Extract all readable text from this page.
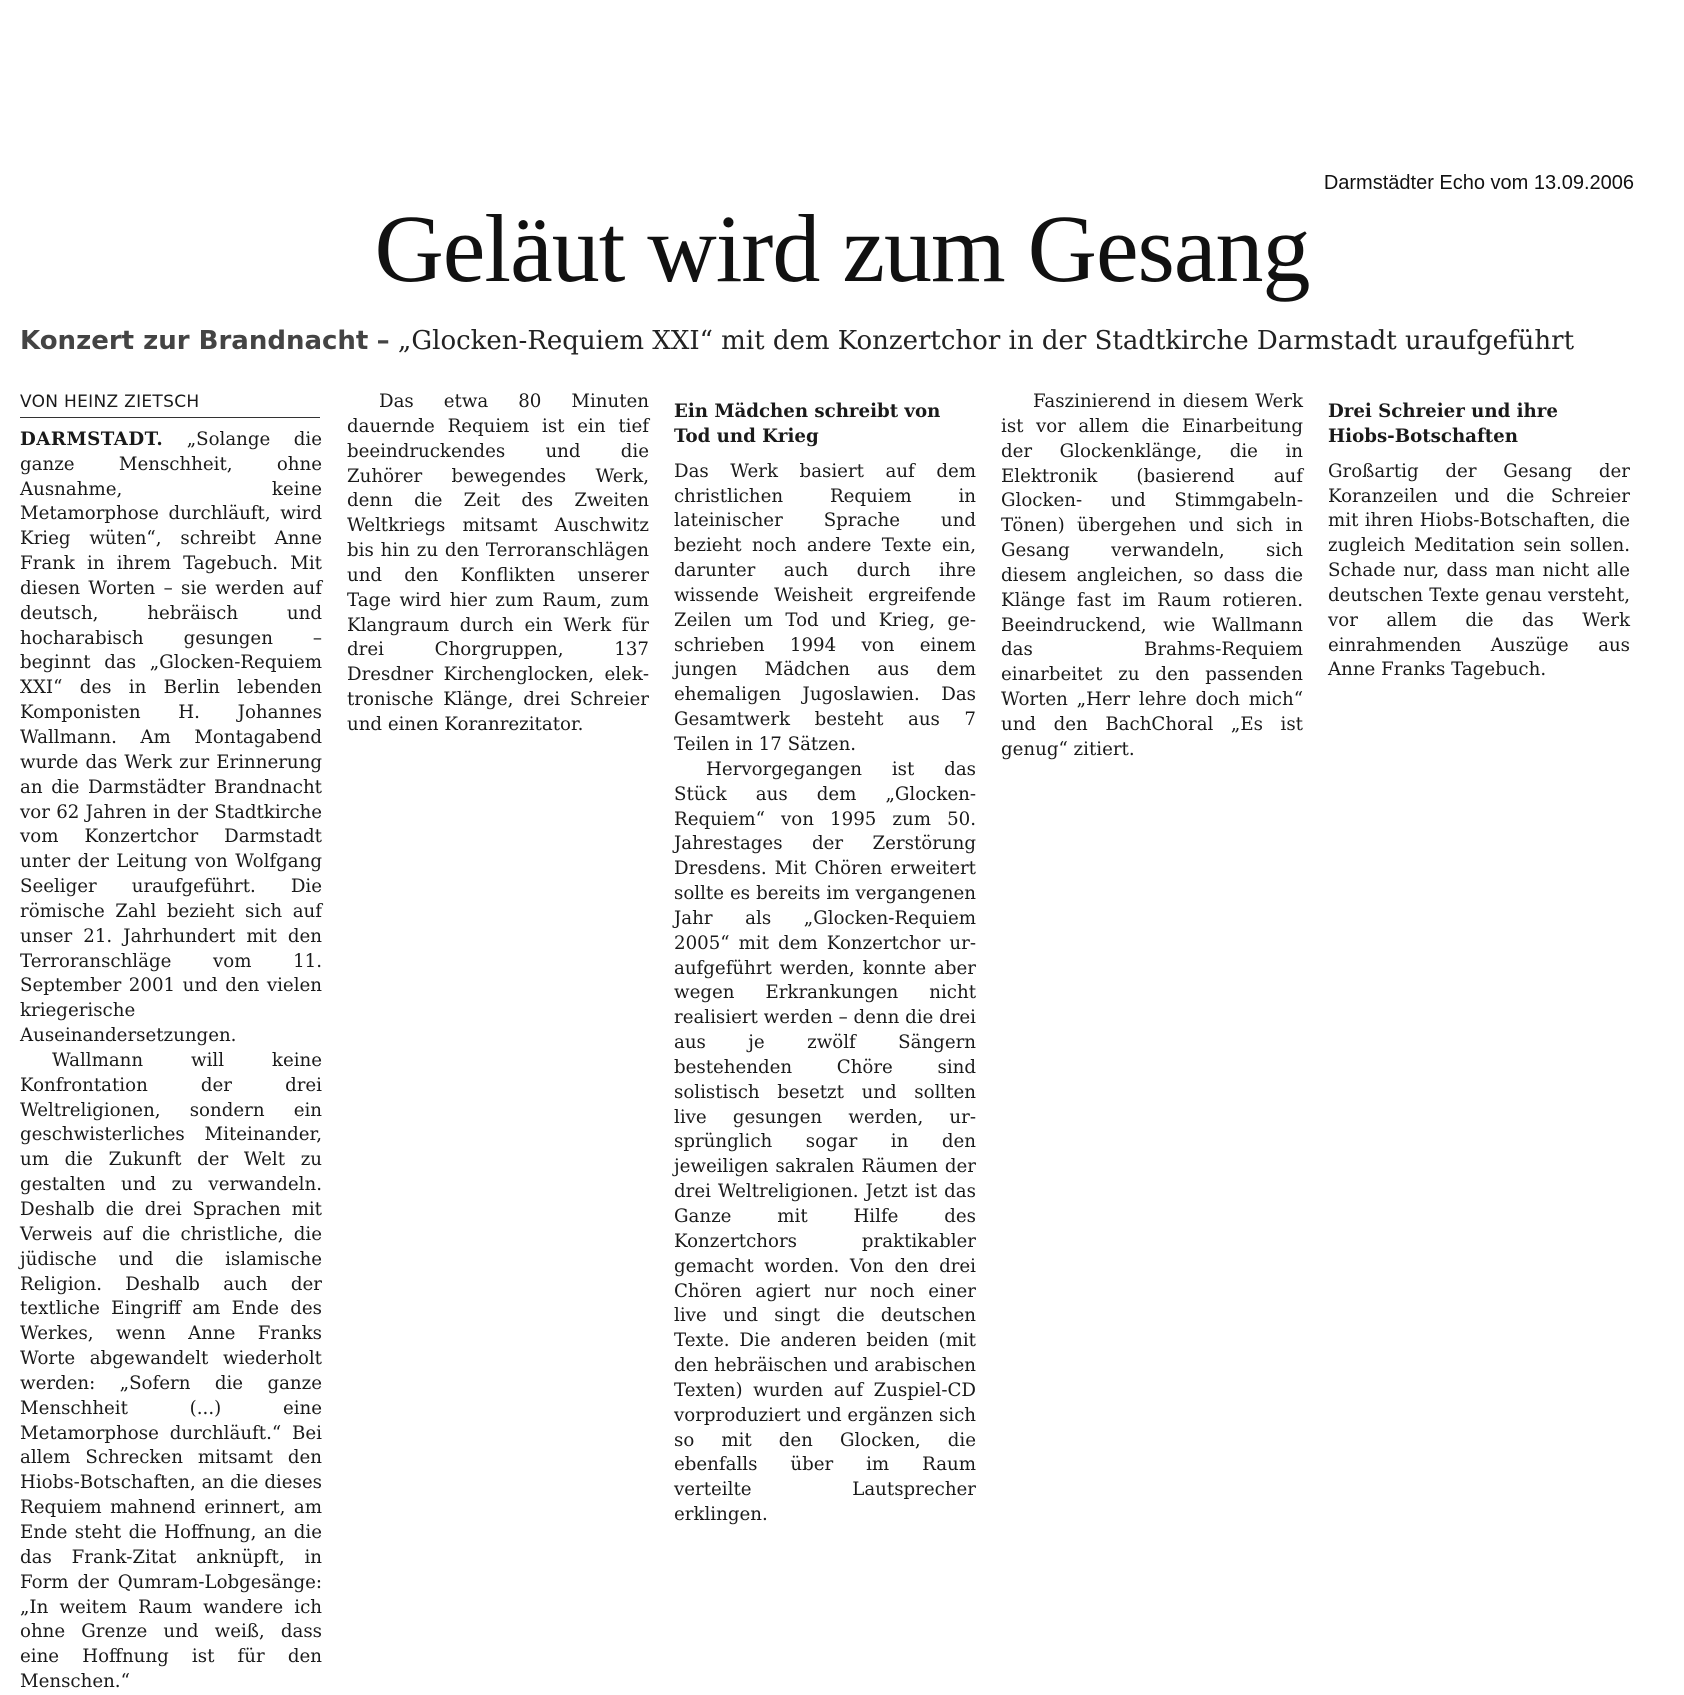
Darmstädter Echo vom 13.09.2006
Geläut wird zum Gesang
Konzert zur Brandnacht – „Glocken-Requiem XXI“ mit dem Konzertchor in der Stadtkirche Darmstadt uraufgeführt
VON HEINZ ZIETSCH

DARMSTADT. „Solange die ganze Menschheit, ohne Ausnahme, keine Metamorphose durchläuft, wird Krieg wüten“, schreibt Anne Frank in ihrem Tagebuch. Mit diesen Worten – sie werden auf deutsch, hebräisch und hocharabisch gesungen – beginnt das „Glocken-Requiem XXI“ des in Berlin lebenden Komponisten H. Johannes Wallmann. Am Montagabend wurde das Werk zur Erinnerung an die Darmstädter Brandnacht vor 62 Jahren in der Stadtkirche vom Konzertchor Darmstadt unter der Leitung von Wolfgang Seeliger uraufgeführt. Die römische Zahl bezieht sich auf unser 21. Jahrhundert mit den Terroranschläge vom 11. September 2001 und den vielen kriegerische Auseinandersetzungen.

Wallmann will keine Konfrontation der drei Weltreligionen, sondern ein geschwisterliches Miteinander, um die Zukunft der Welt zu gestalten und zu verwandeln. Deshalb die drei Sprachen mit Verweis auf die christliche, die jüdische und die islamische Religion. Deshalb auch der textliche Eingriff am Ende des Werkes, wenn Anne Franks Worte abgewandelt wiederholt werden: „Sofern die ganze Menschheit (...) eine Metamorphose durchläuft.“ Bei allem Schrecken mitsamt den Hiobs-Botschaften, an die dieses Requiem mahnend erinnert, am Ende steht die Hoffnung, an die das Frank-Zitat anknüpft, in Form der Qumram-Lobgesänge: „In weitem Raum wandere ich ohne Grenze und weiß, dass eine Hoffnung ist für den Menschen.“

Das etwa 80 Minuten dauernde Requiem ist ein tief beeindruckendes und die Zuhörer bewegendes Werk, denn die Zeit des Zweiten Weltkriegs mitsamt Auschwitz bis hin zu den Terroranschlägen und den Konflikten unserer Tage wird hier zum Raum, zum Klangraum durch ein Werk für drei Chorgruppen, 137 Dresdner Kirchenglocken, elektronische Klänge, drei Schreier und einen Koranrezitator.

Ein Mädchen schreibt von Tod und Krieg

Das Werk basiert auf dem christlichen Requiem in lateinischer Sprache und bezieht noch andere Texte ein, darunter auch durch ihre wissende Weisheit ergreifende Zeilen um Tod und Krieg, geschrieben 1994 von einem jungen Mädchen aus dem ehemaligen Jugoslawien. Das Gesamtwerk besteht aus 7 Teilen in 17 Sätzen.

Hervorgegangen ist das Stück aus dem „Glocken-Requiem“ von 1995 zum 50. Jahrestages der Zerstörung Dresdens. Mit Chören erweitert sollte es bereits im vergangenen Jahr als „Glocken-Requiem 2005“ mit dem Konzertchor uraufgeführt werden, konnte aber wegen Erkrankungen nicht realisiert werden – denn die drei aus je zwölf Sängern bestehenden Chöre sind solistisch besetzt und sollten live gesungen werden, ursprünglich sogar in den jeweiligen sakralen Räumen der drei Weltreligionen. Jetzt ist das Ganze mit Hilfe des Konzertchors praktikabler gemacht worden. Von den drei Chören agiert nur noch einer live und singt die deutschen Texte. Die anderen beiden (mit den hebräischen und arabischen Texten) wurden auf Zuspiel-CD vorproduziert und ergänzen sich so mit den Glocken, die ebenfalls über im Raum verteilte Lautsprecher erklingen.

Faszinierend in diesem Werk ist vor allem die Einarbeitung der Glockenklänge, die in Elektronik (basierend auf Glocken- und Stimmgabeln-Tönen) übergehen und sich in Gesang verwandeln, sich diesem angleichen, so dass die Klänge fast im Raum rotieren. Beeindruckend, wie Wallmann das Brahms-Requiem einarbeitet zu den passenden Worten „Herr lehre doch mich“ und den BachChoral „Es ist genug“ zitiert.

Drei Schreier und ihre Hiobs-Botschaften

Großartig der Gesang der Koranzeilen und die Schreier mit ihren Hiobs-Botschaften, die zugleich Meditation sein sollen. Schade nur, dass man nicht alle deutschen Texte genau versteht, vor allem die das Werk einrahmenden Auszüge aus Anne Franks Tagebuch.
